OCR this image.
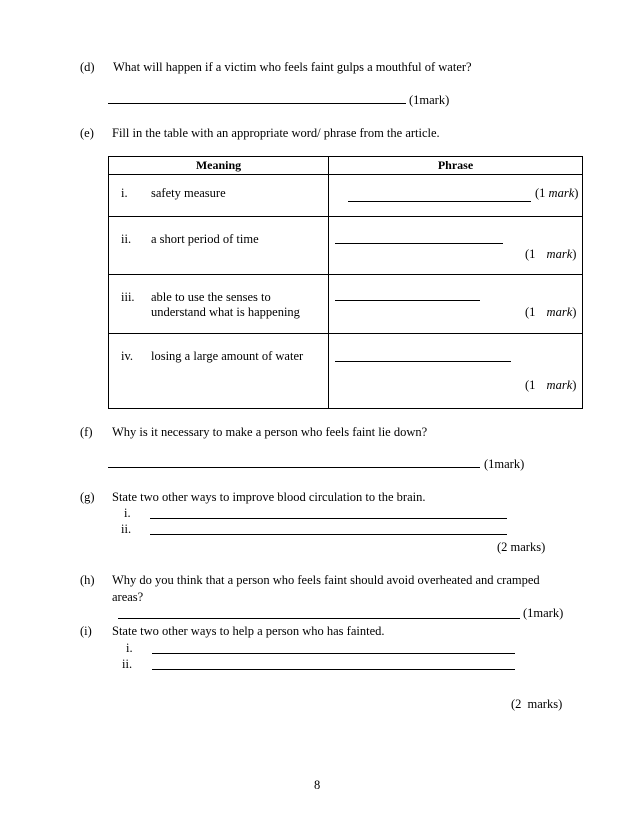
(d) What will happen if a victim who feels faint gulps a mouthful of water?
(1mark)
(e) Fill in the table with an appropriate word/ phrase from the article.
Meaning	Phrase

i. safety measure	(1 mark)

ii. a short period of time	(1 mark)

iii. able to use the senses to
understand what is happening	(1 mark)

iv. losing a large amount of water	(1 mark)
(f) Why is it necessary to make a person who feels faint lie down?
(1mark)
(g) State two other ways to improve blood circulation to the brain.
i.
ii.
(2 marks)
(h) Why do you think that a person who feels faint should avoid overheated and cramped
areas?
(1mark)
(i) State two other ways to help a person who has fainted.
i.
ii.
(2 marks)
8
